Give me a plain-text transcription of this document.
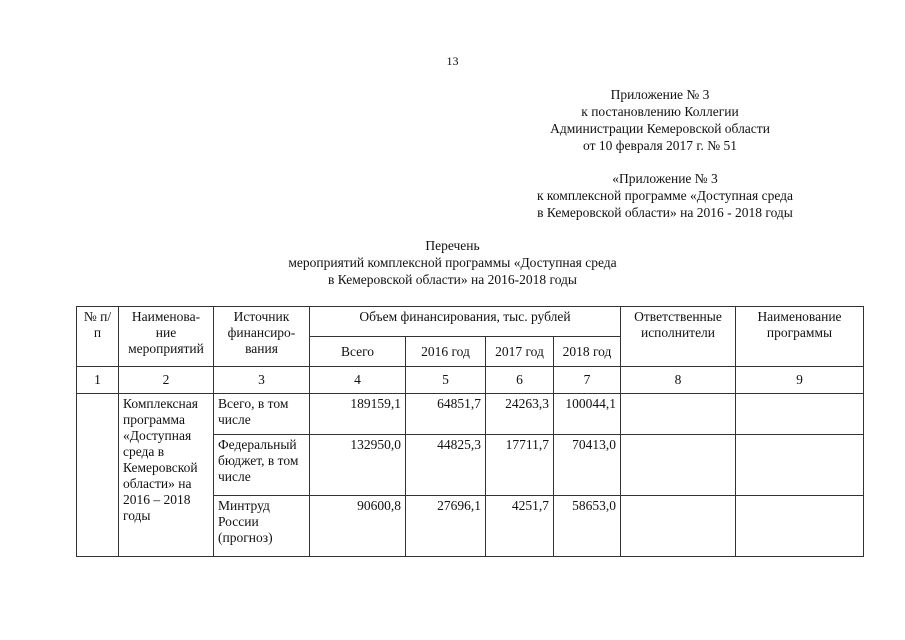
13
Приложение № 3
к постановлению Коллегии
Администрации Кемеровской области
от 10 февраля 2017 г. № 51
«Приложение № 3
к комплексной программе «Доступная среда
в Кемеровской области» на 2016 - 2018 годы
Перечень
мероприятий комплексной программы «Доступная среда
в Кемеровской области» на 2016-2018 годы
№ п/п	Наименова-ние мероприятий	Источник финансиро-вания	Объем финансирования, тыс. рублей				Ответственные исполнители	Наименование программы
			Всего	2016 год	2017 год	2018 год		
1	2	3	4	5	6	7	8	9
	Комплексная программа «Доступная среда в Кемеровской области» на 2016 – 2018 годы	Всего, в том числе	189159,1	64851,7	24263,3	100044,1		
		Федеральный бюджет, в том числе	132950,0	44825,3	17711,7	70413,0		
		Минтруд России (прогноз)	90600,8	27696,1	4251,7	58653,0		
